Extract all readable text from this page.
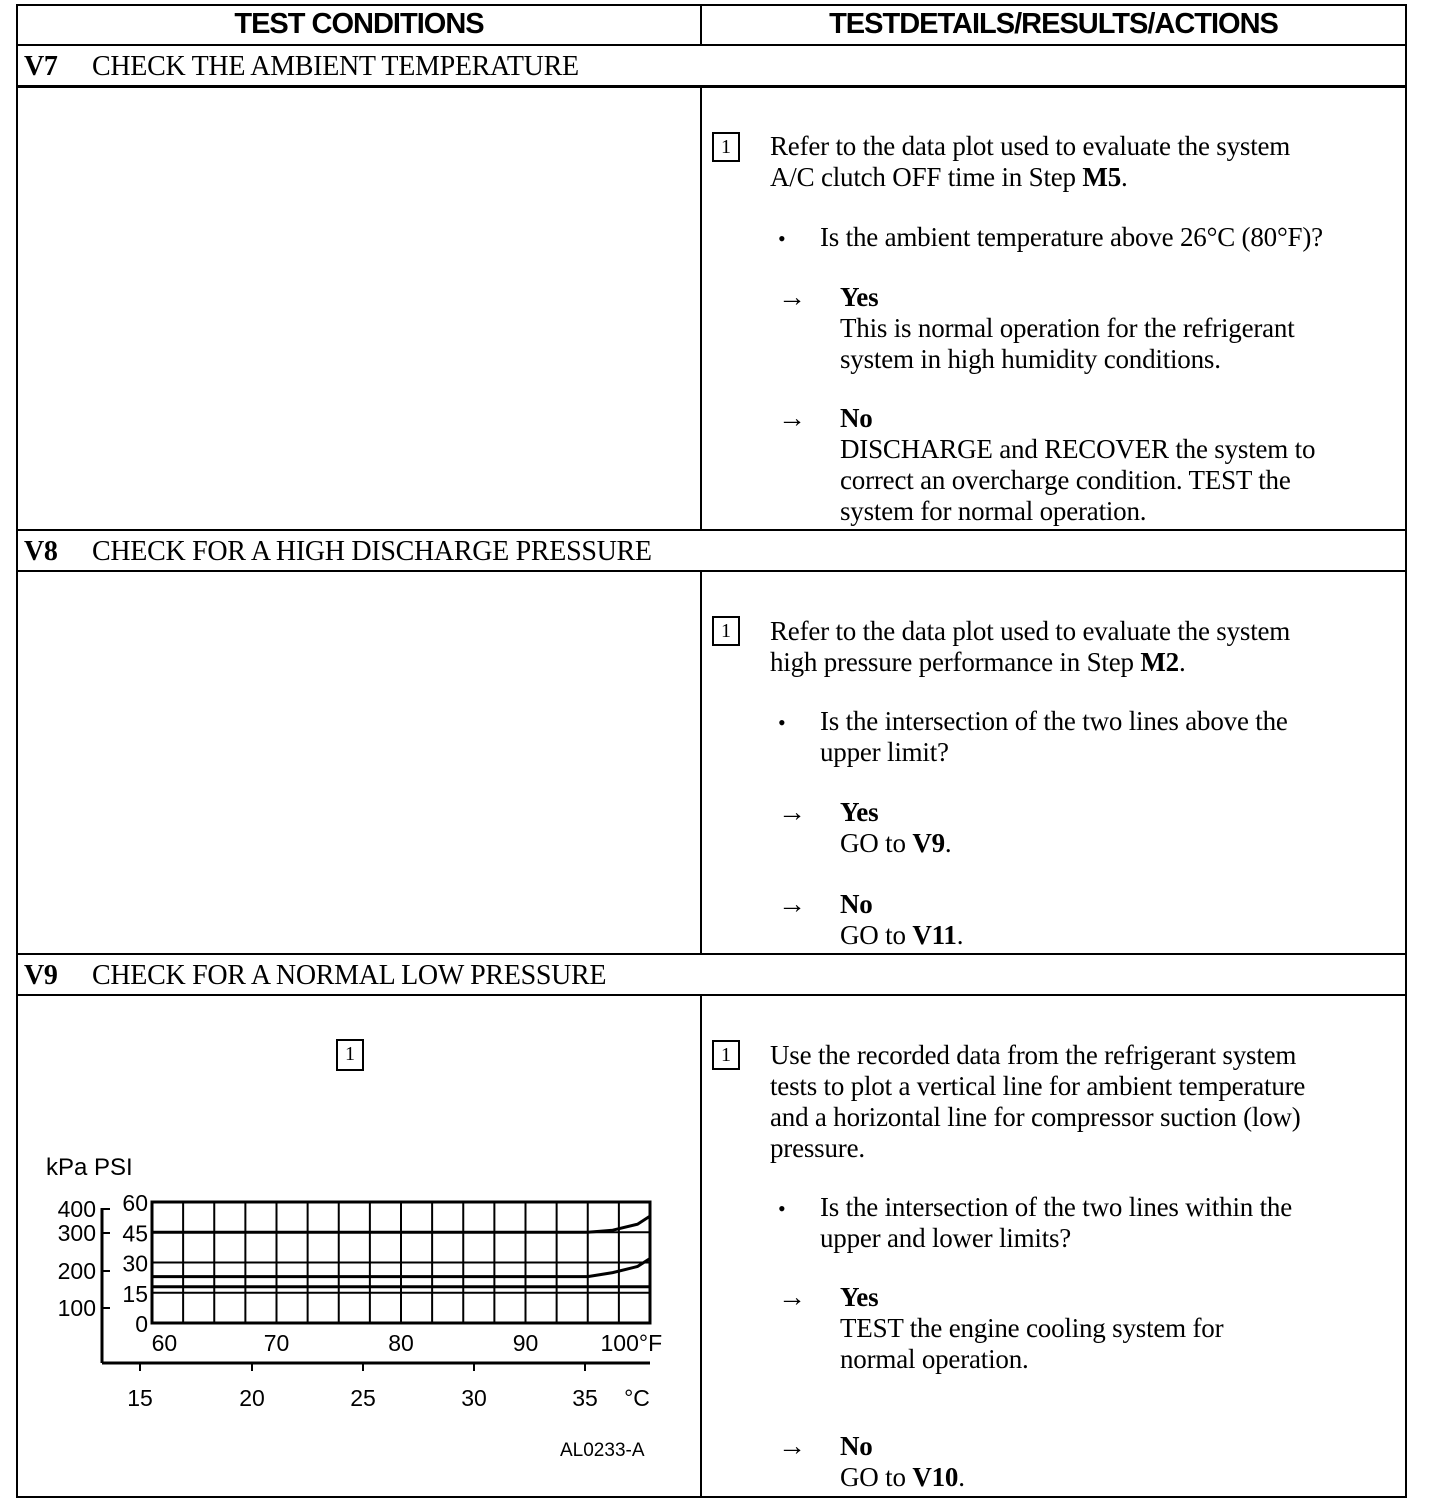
TEST CONDITIONS	TESTDETAILS/RESULTS/ACTIONS
V7 CHECK THE AMBIENT TEMPERATURE
1	Refer to the data plot used to evaluate the system
A/C clutch OFF time in Step M5.
• Is the ambient temperature above 26°C (80°F)?
→ Yes
This is normal operation for the refrigerant
system in high humidity conditions.
→ No
DISCHARGE and RECOVER the system to
correct an overcharge condition. TEST the
system for normal operation.
V8 CHECK FOR A HIGH DISCHARGE PRESSURE
1	Refer to the data plot used to evaluate the system
high pressure performance in Step M2.
• Is the intersection of the two lines above the
upper limit?
→ Yes
GO to V9.
→ No
GO to V11.
V9 CHECK FOR A NORMAL LOW PRESSURE
1
kPa PSI
400
300
200
100
60
45
30
15
0
60	70	80	90	100°F
15	20	25	30	35 °C
AL0233-A
1	Use the recorded data from the refrigerant system
tests to plot a vertical line for ambient temperature
and a horizontal line for compressor suction (low)
pressure.
• Is the intersection of the two lines within the
upper and lower limits?
→ Yes
TEST the engine cooling system for
normal operation.
→ No
GO to V10.
